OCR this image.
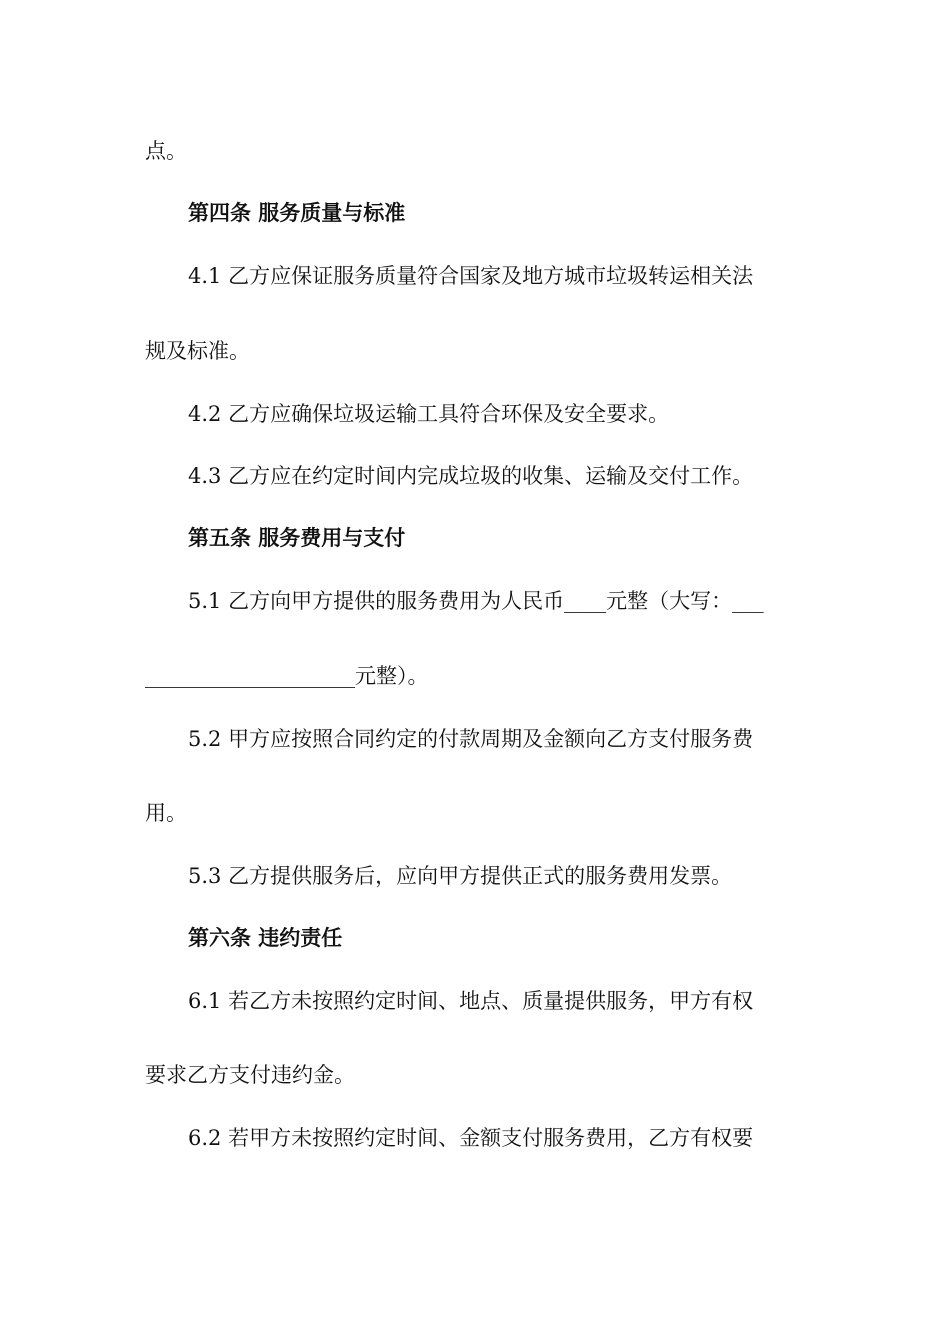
点。
第四条 服务质量与标准
4.1 乙方应保证服务质量符合国家及地方城市垃圾转运相关法
规及标准。
4.2 乙方应确保垃圾运输工具符合环保及安全要求。
4.3 乙方应在约定时间内完成垃圾的收集、运输及交付工作。
第五条 服务费用与支付
5.1 乙方向甲方提供的服务费用为人民币____元整（大写：___
____________________元整）。
5.2 甲方应按照合同约定的付款周期及金额向乙方支付服务费
用。
5.3 乙方提供服务后，应向甲方提供正式的服务费用发票。
第六条 违约责任
6.1 若乙方未按照约定时间、地点、质量提供服务，甲方有权
要求乙方支付违约金。
6.2 若甲方未按照约定时间、金额支付服务费用，乙方有权要
